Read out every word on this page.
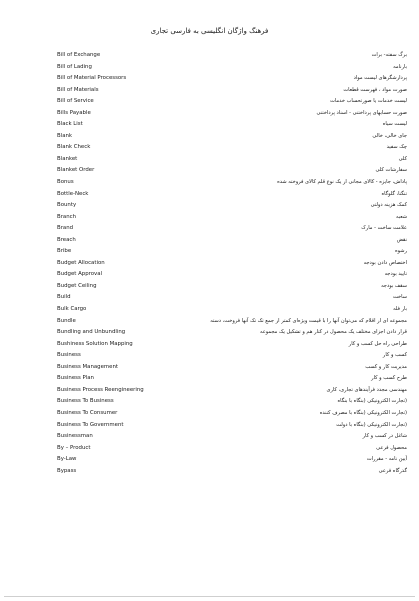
فرهنگ واژگان انگلیسی به فارسی تجاری
Bill of Exchange	برگ سفته- برات
Bill of Lading	بارنامه
Bill of Material Processors	پردازشگرهای لیست مواد
Bill of Materials	صورت مواد ، فهرست قطعات
Bill of Service	لیست خدمات یا صورتحساب خدمات
Bills Payable	صورت حسابهای پرداختنی - اسناد پرداختنی
Black List	لیست سیاه
Blank	جای خالی، خالی
Blank Check	چک سفید
Blanket	کلی
Blanket Order	سفارشات کلی
Bonus	پاداش، جایزه - کالای مجانی از یک نوع قلم کالای فروخته شده
Bottle-Neck	تنگنا، گلوگاه
Bounty	کمک هزینه دولتی
Branch	شعبه
Brand	علامت ساخت - مارک
Breach	نقض
Bribe	رشوه
Budget Allocation	اختصاص دادن بودجه
Budget Approval	تایید بودجه
Budget Ceiling	سقف بودجه
Build	ساخت
Bulk Cargo	بار فله
Bundle	مجموعه ای از اقلام که می‌توان آنها را با قیمت ویژه‌ای کمتر از جمع تک تک آنها فروخت، دسته
Bundling and Unbundling	قرار دادن اجزای مختلف یک محصول در کنار هم و تشکیل یک مجموعه
Bushiness Solution Mapping	طراحی راه حل کسب و کار
Business	کسب و کار
Business Management	مدیریت کار و کسب
Business Plan	طرح کسب و کار
Business Process Reengineering	مهندسی مجدد فرآیندهای تجاری، کاری
Business To Business	(تجارت الکترونیکی (بنگاه با بنگاه
Business To Consumer	(تجارت الکترونیکی (بنگاه با مصرف کننده
Business To Government	(تجارت الکترونیکی (بنگاه با دولت
Businessman	شاغل در کسب و کار
By – Product	محصول فرعی
By-Law	آیین نامه - مقررات
Bypass	گذرگاه فرعی
